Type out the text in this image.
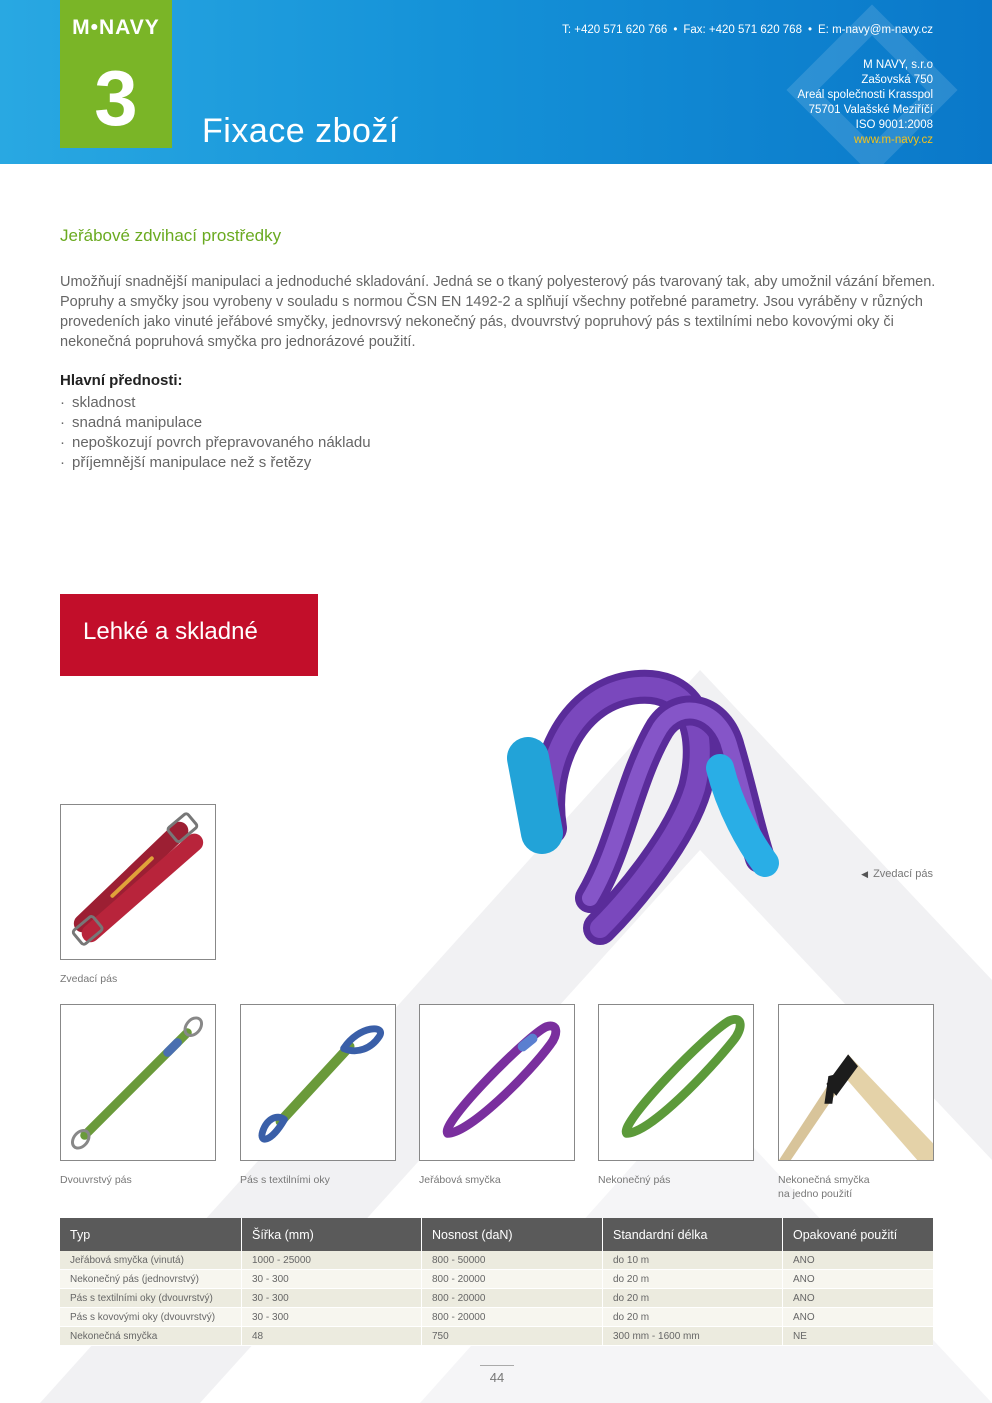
M•NAVY
3	Fixace zboží
T: +420 571 620 766 • Fax: +420 571 620 768 • E: m-navy@m-navy.cz
M NAVY, s.r.o
Zašovská 750
Areál společnosti Krasspol
75701 Valašské Meziříčí
ISO 9001:2008
www.m-navy.cz
Jeřábové zdvihací prostředky

Umožňují snadnější manipulaci a jednoduché skladování. Jedná se o tkaný polyesterový pás tvarovaný tak, aby umožnil vázání břemen. Popruhy a smyčky jsou vyrobeny v souladu s normou ČSN EN 1492-2 a splňují všechny potřebné parametry. Jsou vyráběny v různých provedeních jako vinuté jeřábové smyčky, jednovrsvý nekonečný pás, dvouvrstvý popruhový pás s textilními nebo kovovými oky či nekonečná popruhová smyčka pro jednorázové použití.

Hlavní přednosti:
· skladnost
· snadná manipulace
· nepoškozují povrch přepravovaného nákladu
· příjemnější manipulace než s řetězy
Lehké a skladné
◀ Zvedací pás
Zvedací pás
Dvouvrstvý pás	Pás s textilními oky	Jeřábová smyčka	Nekonečný pás	Nekonečná smyčka
na jedno použití
Typ	Šířka (mm)	Nosnost (daN)	Standardní délka	Opakované použití
Jeřábová smyčka (vinutá)	1000 - 25000	800 - 50000	do 10 m	ANO
Nekonečný pás (jednovrstvý)	30 - 300	800 - 20000	do 20 m	ANO
Pás s textilními oky (dvouvrstvý)	30 - 300	800 - 20000	do 20 m	ANO
Pás s kovovými oky (dvouvrstvý)	30 - 300	800 - 20000	do 20 m	ANO
Nekonečná smyčka	48	750	300 mm - 1600 mm	NE
44
